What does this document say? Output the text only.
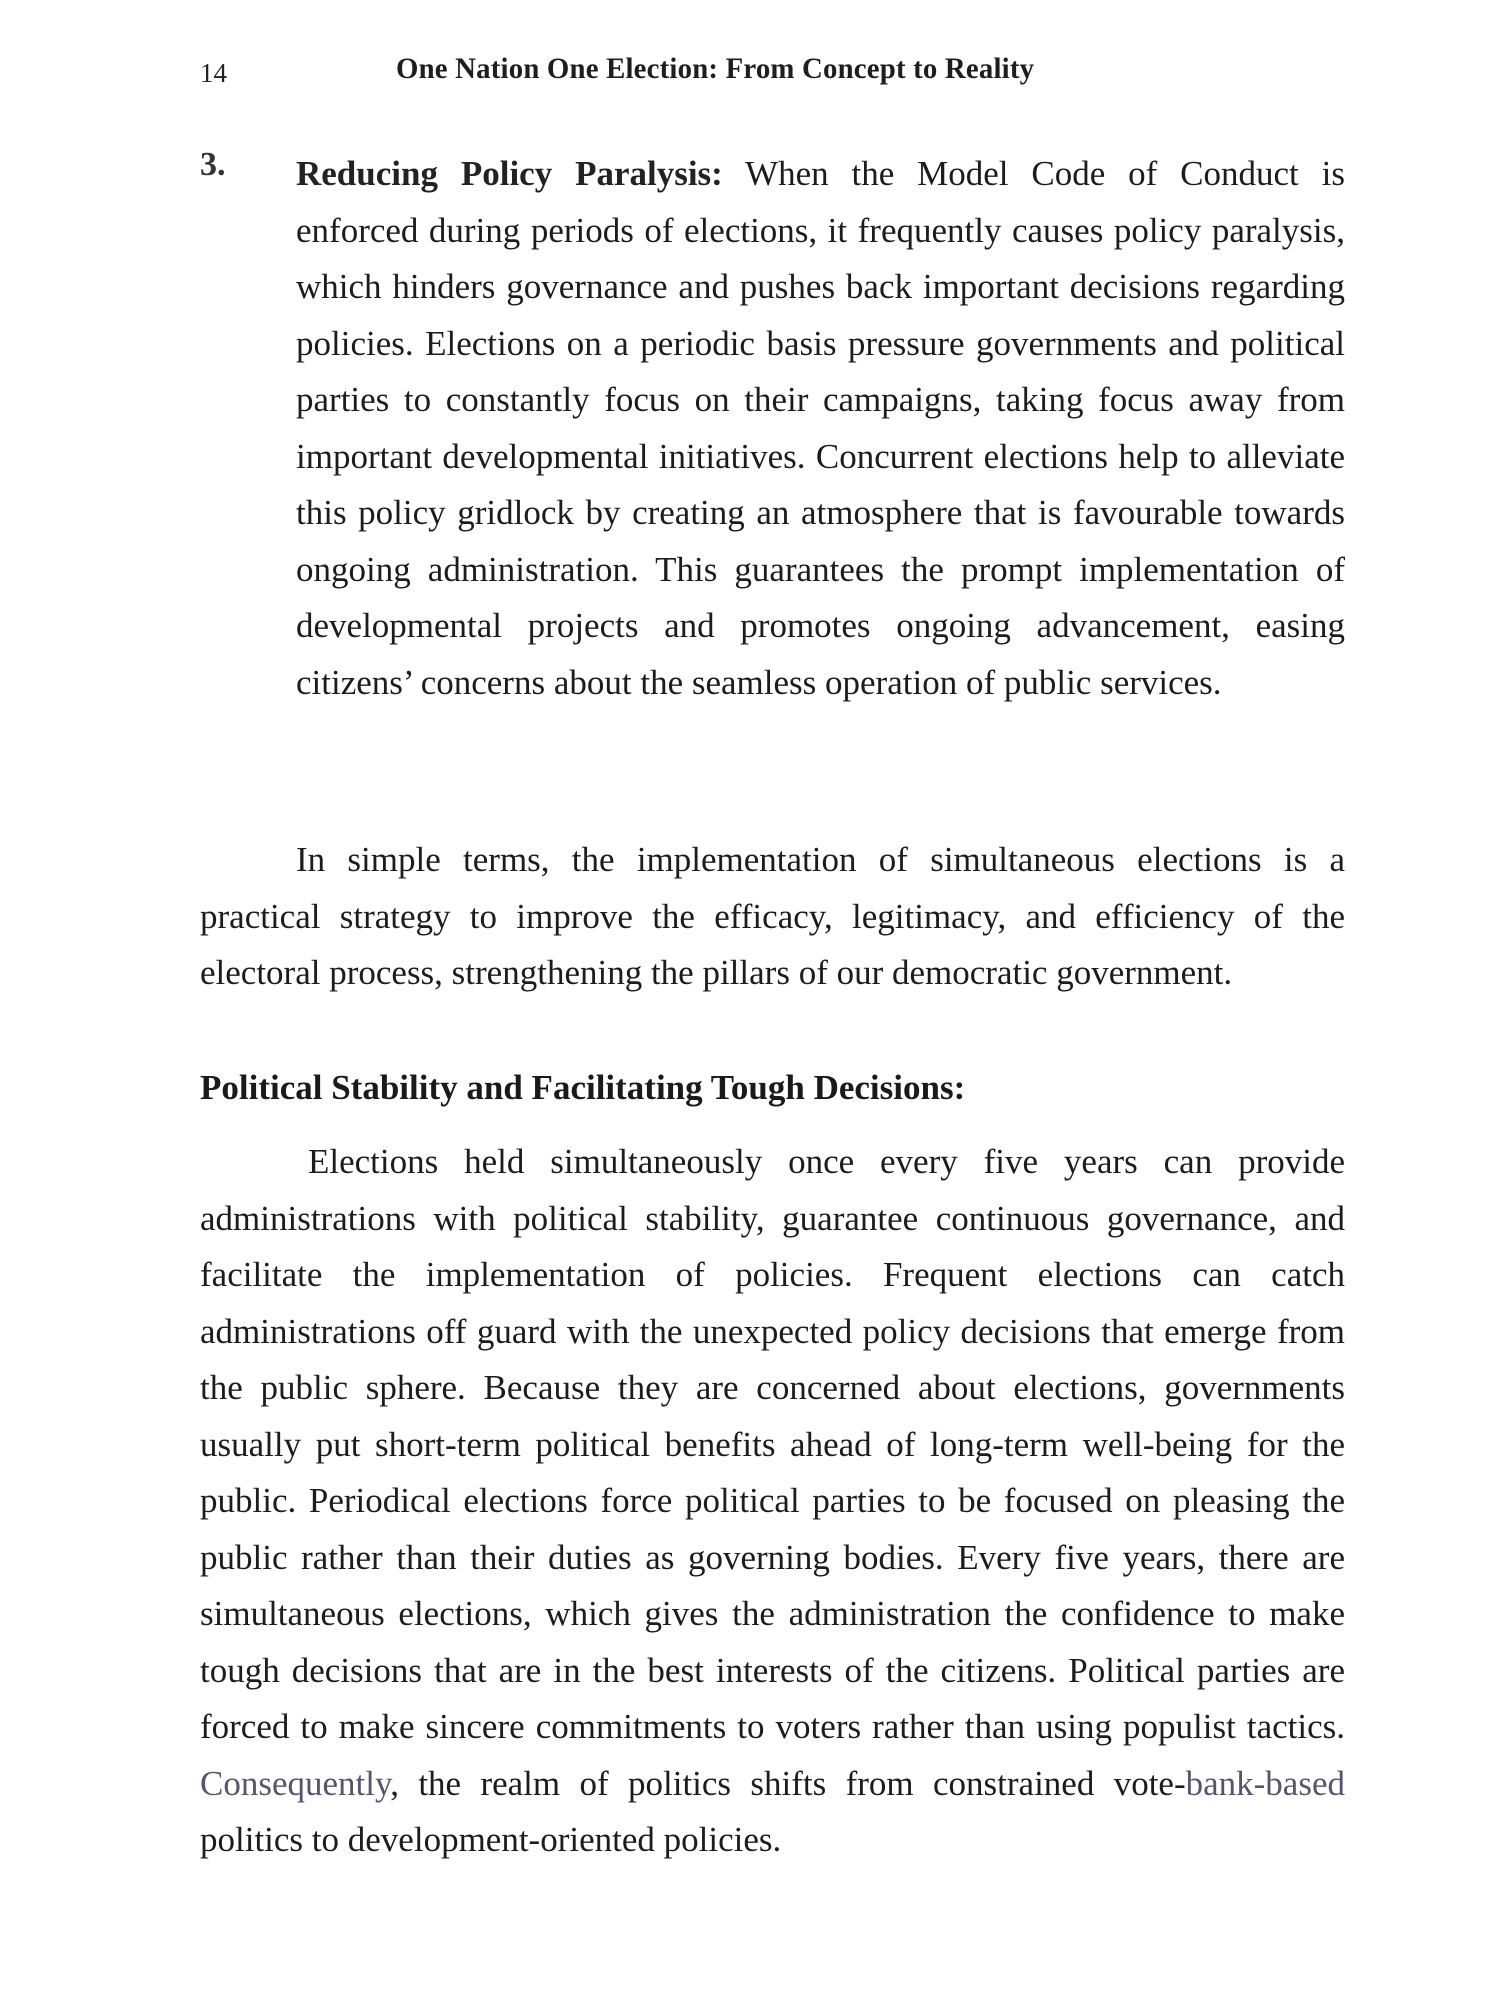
14	One Nation One Election: From Concept to Reality
3. Reducing Policy Paralysis: When the Model Code of Conduct is enforced during periods of elections, it frequently causes policy paralysis, which hinders governance and pushes back important decisions regarding policies. Elections on a periodic basis pressure governments and political parties to constantly focus on their campaigns, taking focus away from important developmental initiatives. Concurrent elections help to alleviate this policy gridlock by creating an atmosphere that is favourable towards ongoing administration. This guarantees the prompt implementation of developmental projects and promotes ongoing advancement, easing citizens’ concerns about the seamless operation of public services.

In simple terms, the implementation of simultaneous elections is a practical strategy to improve the efficacy, legitimacy, and efficiency of the electoral process, strengthening the pillars of our democratic government.

Political Stability and Facilitating Tough Decisions:

Elections held simultaneously once every five years can provide administrations with political stability, guarantee continuous governance, and facilitate the implementation of policies. Frequent elections can catch administrations off guard with the unexpected policy decisions that emerge from the public sphere. Because they are concerned about elections, governments usually put short-term political benefits ahead of long-term well-being for the public. Periodical elections force political parties to be focused on pleasing the public rather than their duties as governing bodies. Every five years, there are simultaneous elections, which gives the administration the confidence to make tough decisions that are in the best interests of the citizens. Political parties are forced to make sincere commitments to voters rather than using populist tactics. Consequently, the realm of politics shifts from constrained vote-bank-based politics to development-oriented policies.
